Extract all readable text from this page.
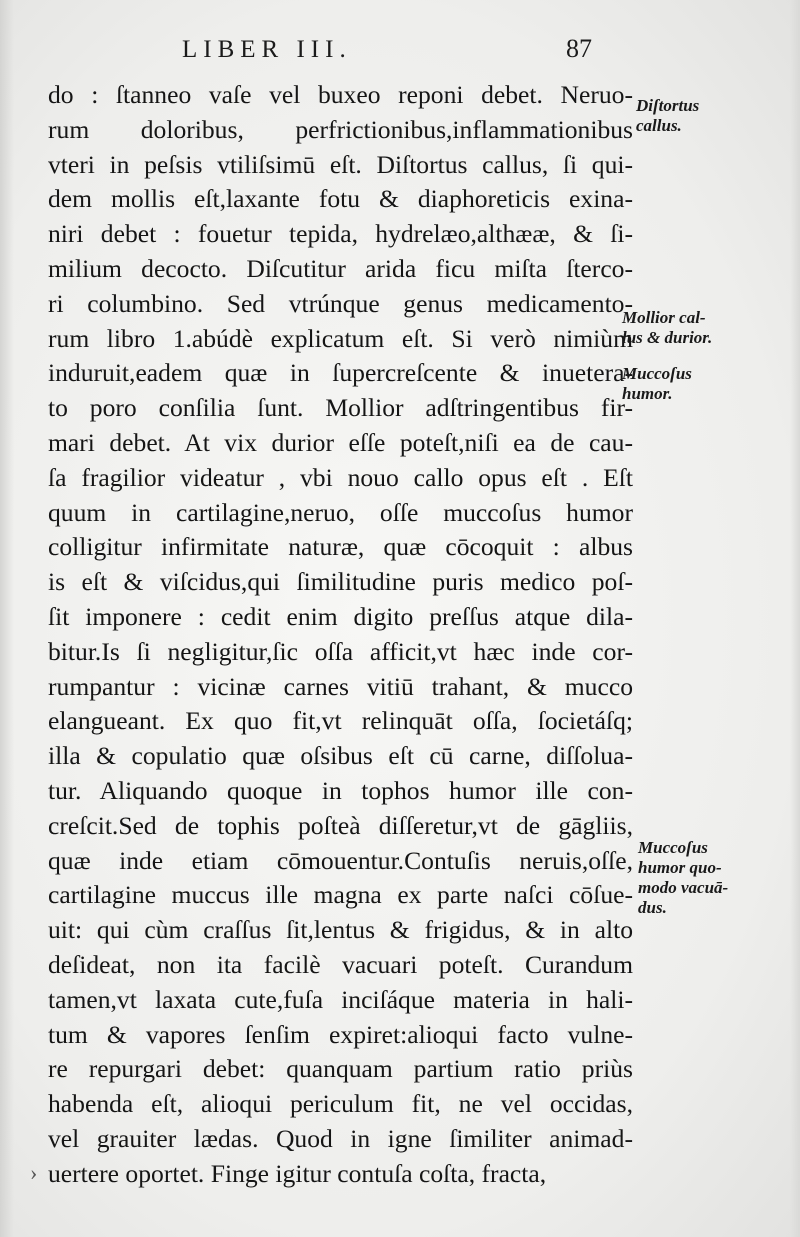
LIBER III.	87
do : ſtanneo vaſe vel buxeo reponi debet. Neruo-
rum doloribus, perfrictionibus,inflammationibus
vteri in peſsis vtiliſsimū eſt. Diſtortus callus, ſi qui-
dem mollis eſt,laxante fotu & diaphoreticis exina-
niri debet : fouetur tepida, hydrelæo,althææ, & ſi-
milium decocto. Diſcutitur arida ficu miſta ſterco-
ri columbino. Sed vtrúnque genus medicamento-
rum libro 1.abúdè explicatum eſt. Si verò nimiùm
induruit,eadem quæ in ſupercreſcente & inuetera-
to poro conſilia ſunt. Mollior adſtringentibus fir-
mari debet. At vix durior eſſe poteſt,niſi ea de cau-
ſa fragilior videatur , vbi nouo callo opus eſt . Eſt
quum in cartilagine,neruo, oſſe muccoſus humor
colligitur infirmitate naturæ, quæ cōcoquit : albus
is eſt & viſcidus,qui ſimilitudine puris medico poſ-
ſit imponere : cedit enim digito preſſus atque dila-
bitur.Is ſi negligitur,ſic oſſa afficit,vt hæc inde cor-
rumpantur : vicinæ carnes vitiū trahant, & mucco
elangueant. Ex quo fit,vt relinquāt oſſa, ſocietáſq;
illa & copulatio quæ oſsibus eſt cū carne, diſſolua-
tur. Aliquando quoque in tophos humor ille con-
creſcit.Sed de tophis poſteà diſſeretur,vt de gāgliis,
quæ inde etiam cōmouentur.Contuſis neruis,oſſe,
cartilagine muccus ille magna ex parte naſci cōſue-
uit: qui cùm craſſus ſit,lentus & frigidus, & in alto
deſideat, non ita facilè vacuari poteſt. Curandum
tamen,vt laxata cute,fuſa inciſáque materia in hali-
tum & vapores ſenſim expiret:alioqui facto vulne-
re repurgari debet: quanquam partium ratio priùs
habenda eſt, alioqui periculum fit, ne vel occidas,
vel grauiter lædas. Quod in igne ſimiliter animad-
uertere oportet. Finge igitur contuſa coſta, fracta,
Diſtortus
callus.
Mollior cal-
lus & durior.
Muccoſus
humor.
Muccoſus
humor quo-
modo vacuā-
dus.
›
